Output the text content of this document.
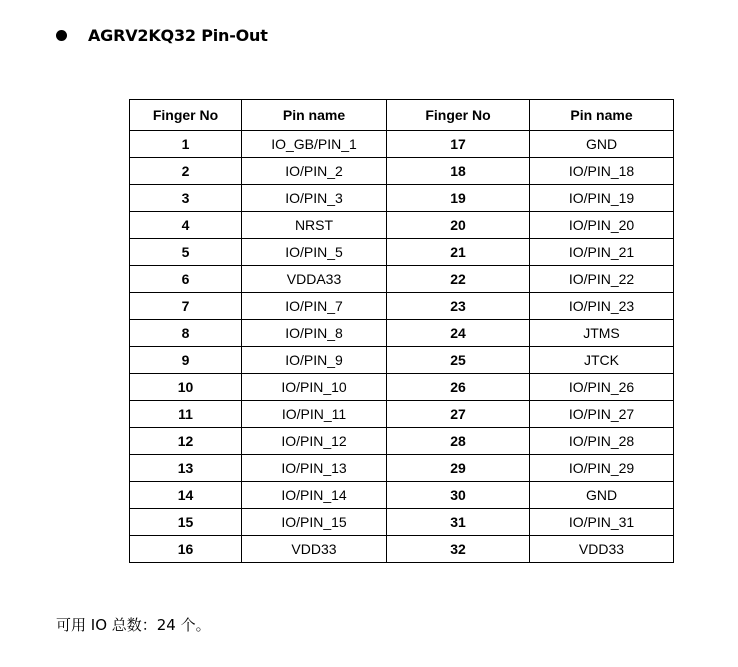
AGRV2KQ32 Pin-Out
Finger No	Pin name	Finger No	Pin name
1	IO_GB/PIN_1	17	GND
2	IO/PIN_2	18	IO/PIN_18
3	IO/PIN_3	19	IO/PIN_19
4	NRST	20	IO/PIN_20
5	IO/PIN_5	21	IO/PIN_21
6	VDDA33	22	IO/PIN_22
7	IO/PIN_7	23	IO/PIN_23
8	IO/PIN_8	24	JTMS
9	IO/PIN_9	25	JTCK
10	IO/PIN_10	26	IO/PIN_26
11	IO/PIN_11	27	IO/PIN_27
12	IO/PIN_12	28	IO/PIN_28
13	IO/PIN_13	29	IO/PIN_29
14	IO/PIN_14	30	GND
15	IO/PIN_15	31	IO/PIN_31
16	VDD33	32	VDD33
可用 IO 总数：24 个。
